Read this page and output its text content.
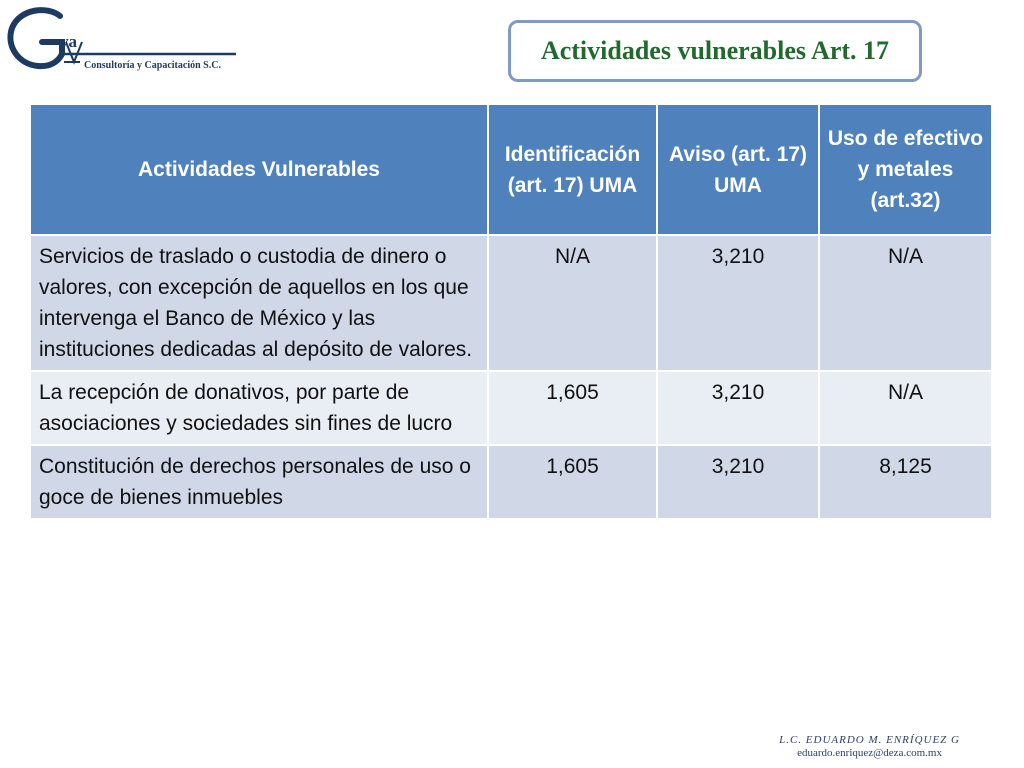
va
Consultoría y Capacitación S.C.
Actividades vulnerables Art. 17
Actividades Vulnerables	Identificación (art. 17) UMA	Aviso (art. 17) UMA	Uso de efectivo y metales (art.32)
Servicios de traslado o custodia de dinero o valores, con excepción de aquellos en los que intervenga el Banco de México y las instituciones dedicadas al depósito de valores.	N/A	3,210	N/A
La recepción de donativos, por parte de asociaciones y sociedades sin fines de lucro	1,605	3,210	N/A
Constitución de derechos personales de uso o goce de bienes inmuebles	1,605	3,210	8,125
L.C. EDUARDO M. ENRÍQUEZ G
eduardo.enriquez@deza.com.mx
